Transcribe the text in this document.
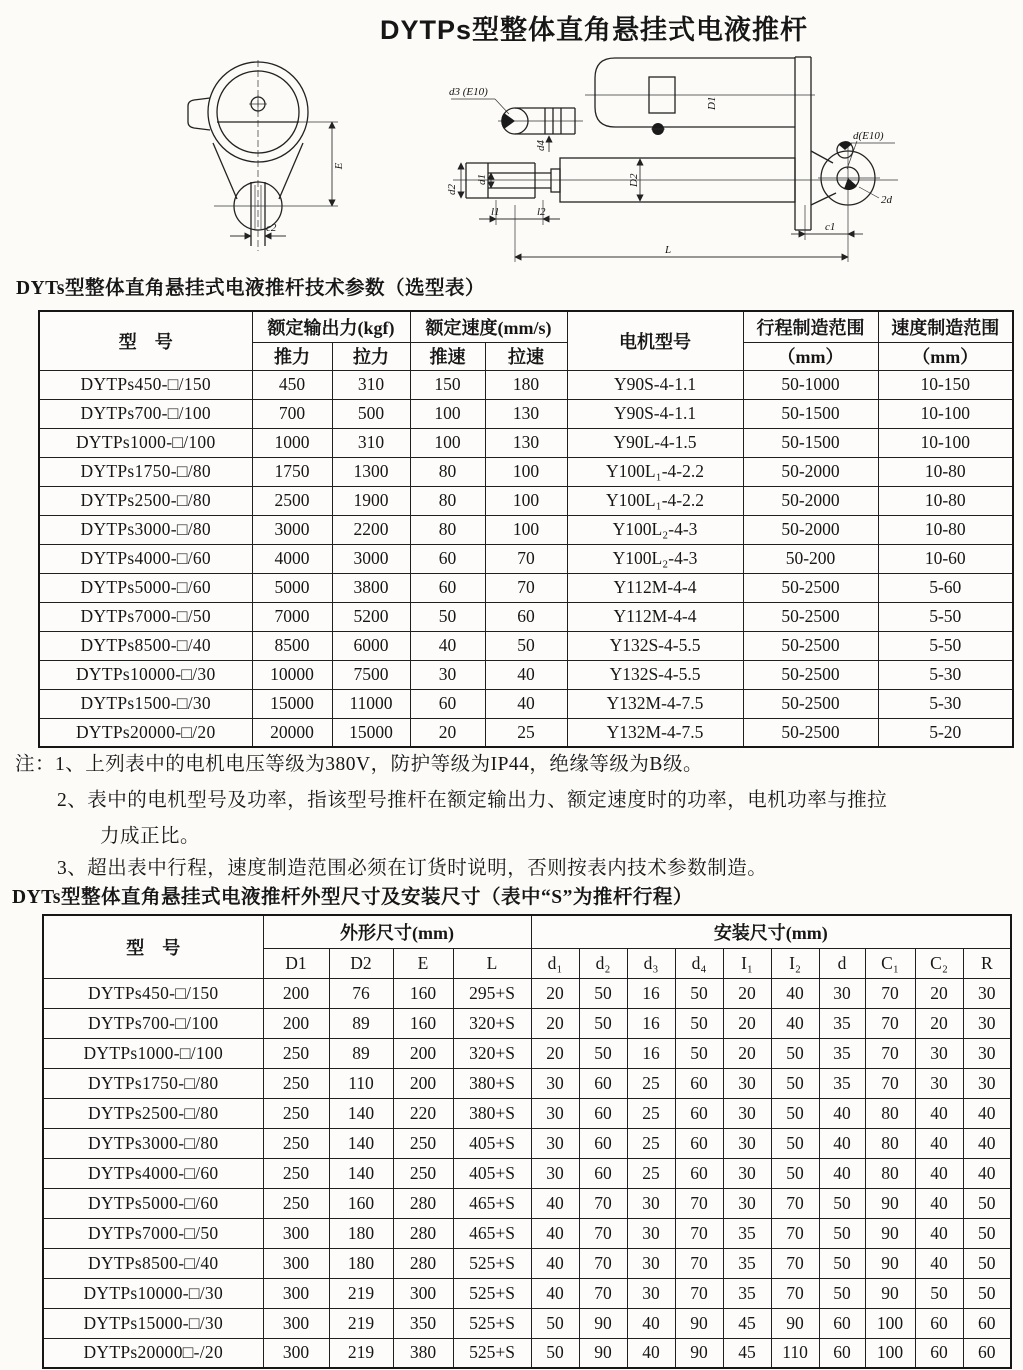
DYTPs型整体直角悬挂式电液推杆
E
c2
d3 (E10)
d4
D1
D2
d1
d2
l1	l2
d(E10)
2d
c1
L
DYTs型整体直角悬挂式电液推杆技术参数（选型表）
型　号	额定输出力(kgf)		额定速度(mm/s)		电机型号	行程制造范围	速度制造范围
	推力	拉力	推速	拉速		（mm）	（mm）
DYTPs450-□/150	450	310	150	180	Y90S-4-1.1	50-1000	10-150
DYTPs700-□/100	700	500	100	130	Y90S-4-1.1	50-1500	10-100
DYTPs1000-□/100	1000	310	100	130	Y90L-4-1.5	50-1500	10-100
DYTPs1750-□/80	1750	1300	80	100	Y100L₁-4-2.2	50-2000	10-80
DYTPs2500-□/80	2500	1900	80	100	Y100L₁-4-2.2	50-2000	10-80
DYTPs3000-□/80	3000	2200	80	100	Y100L₂-4-3	50-2000	10-80
DYTPs4000-□/60	4000	3000	60	70	Y100L₂-4-3	50-200	10-60
DYTPs5000-□/60	5000	3800	60	70	Y112M-4-4	50-2500	5-60
DYTPs7000-□/50	7000	5200	50	60	Y112M-4-4	50-2500	5-50
DYTPs8500-□/40	8500	6000	40	50	Y132S-4-5.5	50-2500	5-50
DYTPs10000-□/30	10000	7500	30	40	Y132S-4-5.5	50-2500	5-30
DYTPs1500-□/30	15000	11000	60	40	Y132M-4-7.5	50-2500	5-30
DYTPs20000-□/20	20000	15000	20	25	Y132M-4-7.5	50-2500	5-20
注：1、上列表中的电机电压等级为380V，防护等级为IP44，绝缘等级为B级。
2、表中的电机型号及功率，指该型号推杆在额定输出力、额定速度时的功率，电机功率与推拉
力成正比。
3、超出表中行程，速度制造范围必须在订货时说明，否则按表内技术参数制造。
DYTs型整体直角悬挂式电液推杆外型尺寸及安装尺寸（表中“S”为推杆行程）
型　号	外形尺寸(mm)				安装尺寸(mm)									
	D1	D2	E	L	d₁	d₂	d₃	d₄	I₁	I₂	d	C₁	C₂	R
DYTPs450-□/150	200	76	160	295+S	20	50	16	50	20	40	30	70	20	30
DYTPs700-□/100	200	89	160	320+S	20	50	16	50	20	40	35	70	20	30
DYTPs1000-□/100	250	89	200	320+S	20	50	16	50	20	50	35	70	30	30
DYTPs1750-□/80	250	110	200	380+S	30	60	25	60	30	50	35	70	30	30
DYTPs2500-□/80	250	140	220	380+S	30	60	25	60	30	50	40	80	40	40
DYTPs3000-□/80	250	140	250	405+S	30	60	25	60	30	50	40	80	40	40
DYTPs4000-□/60	250	140	250	405+S	30	60	25	60	30	50	40	80	40	40
DYTPs5000-□/60	250	160	280	465+S	40	70	30	70	30	70	50	90	40	50
DYTPs7000-□/50	300	180	280	465+S	40	70	30	70	35	70	50	90	40	50
DYTPs8500-□/40	300	180	280	525+S	40	70	30	70	35	70	50	90	40	50
DYTPs10000-□/30	300	219	300	525+S	40	70	30	70	35	70	50	90	50	50
DYTPs15000-□/30	300	219	350	525+S	50	90	40	90	45	90	60	100	60	60
DYTPs20000□-/20	300	219	380	525+S	50	90	40	90	45	110	60	100	60	60
